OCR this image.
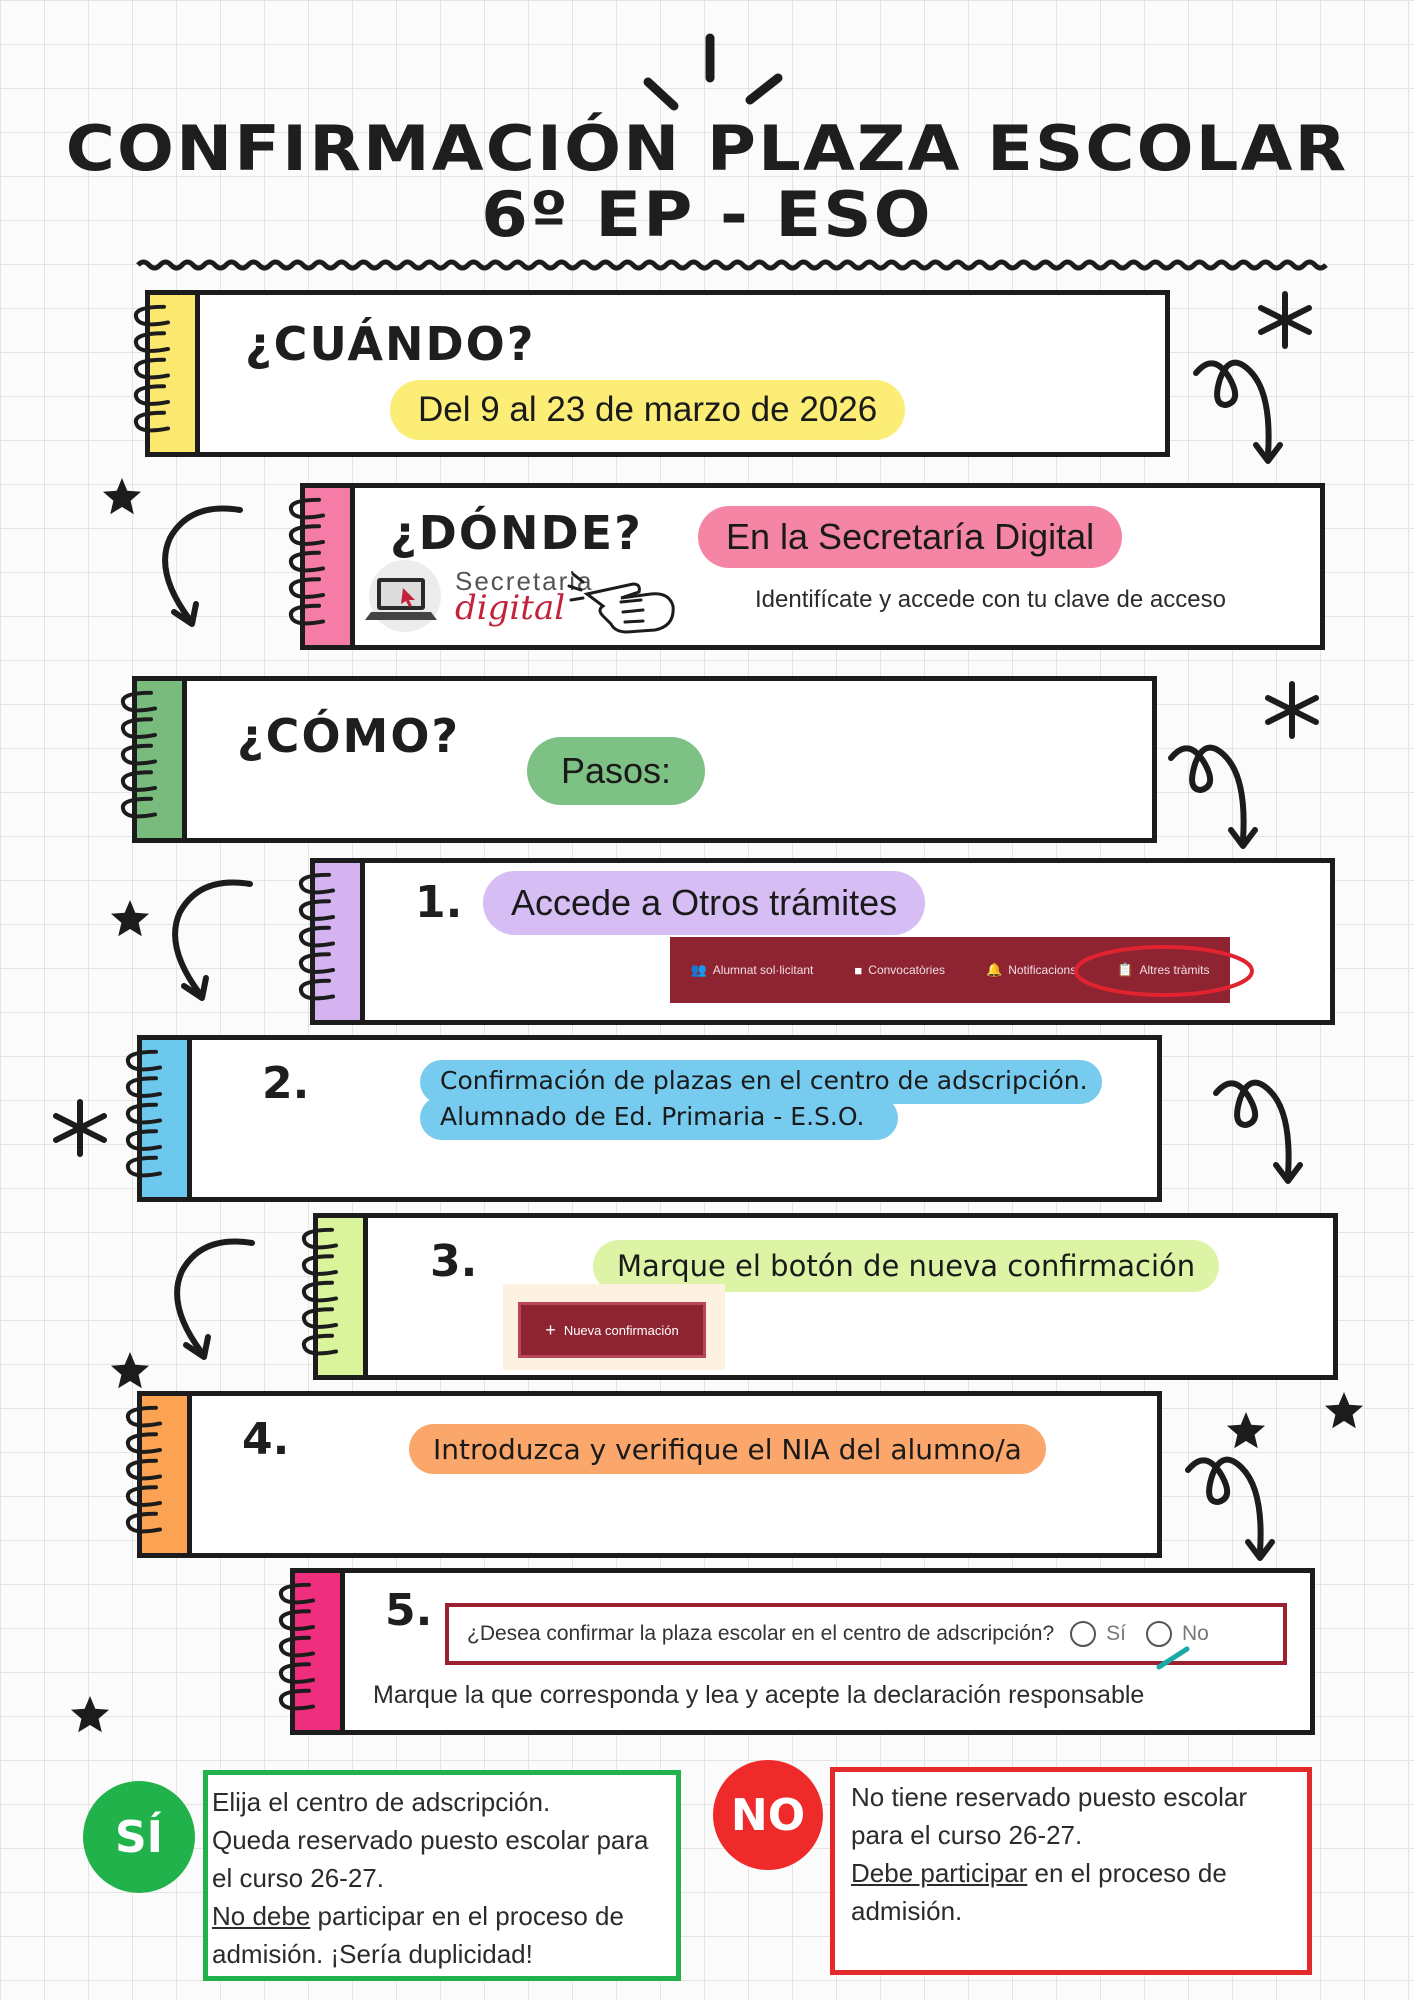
CONFIRMACIÓN PLAZA ESCOLAR
6º EP - ESO
¿CUÁNDO?
Del 9 al 23 de marzo de 2026
¿DÓNDE? En la Secretaría Digital
Secretaria
digital	Identifícate y accede con tu clave de acceso
¿CÓMO?
Pasos:
1. Accede a Otros trámites
👥 Alumnat sol·licitant	■ Convocatòries	🔔 Notificacions	📋 Altres tràmits
2.	Confirmación de plazas en el centro de adscripción.
Alumnado de Ed. Primaria - E.S.O.
3.	Marque el botón de nueva confirmación
+ Nueva confirmación
4.	Introduzca y verifique el NIA del alumno/a
5. ¿Desea confirmar la plaza escolar en el centro de adscripción? Sí	No
Marque la que corresponda y lea y acepte la declaración responsable
SÍ
Elija el centro de adscripción.
Queda reservado puesto escolar para
el curso 26-27.
No debe participar en el proceso de
admisión. ¡Sería duplicidad!
NO	No tiene reservado puesto escolar
para el curso 26-27.
Debe participar en el proceso de
admisión.
